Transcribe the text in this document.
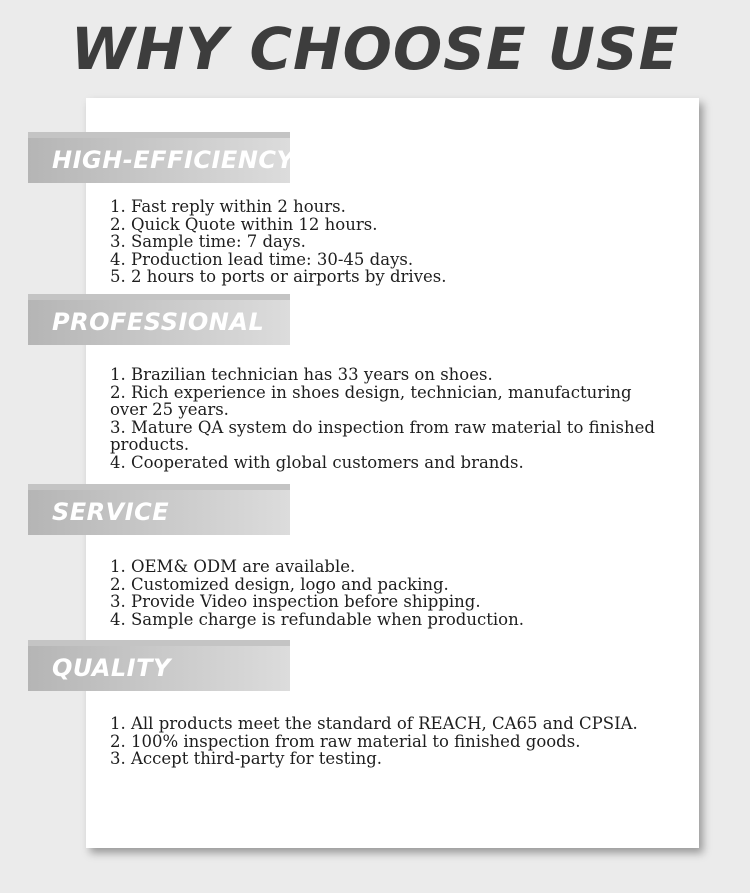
WHY CHOOSE USE
HIGH-EFFICIENCY
1. Fast reply within 2 hours.
2. Quick Quote within 12 hours.
3. Sample time: 7 days.
4. Production lead time: 30-45 days.
5. 2 hours to ports or airports by drives.
PROFESSIONAL
1. Brazilian technician has 33 years on shoes.
2. Rich experience in shoes design, technician, manufacturing over 25 years.
3. Mature QA system do inspection from raw material to finished products.
4. Cooperated with global customers and brands.
SERVICE
1. OEM& ODM are available.
2. Customized design, logo and packing.
3. Provide Video inspection before shipping.
4. Sample charge is refundable when production.
QUALITY
1. All products meet the standard of REACH, CA65 and CPSIA.
2. 100% inspection from raw material to finished goods.
3. Accept third-party for testing.
